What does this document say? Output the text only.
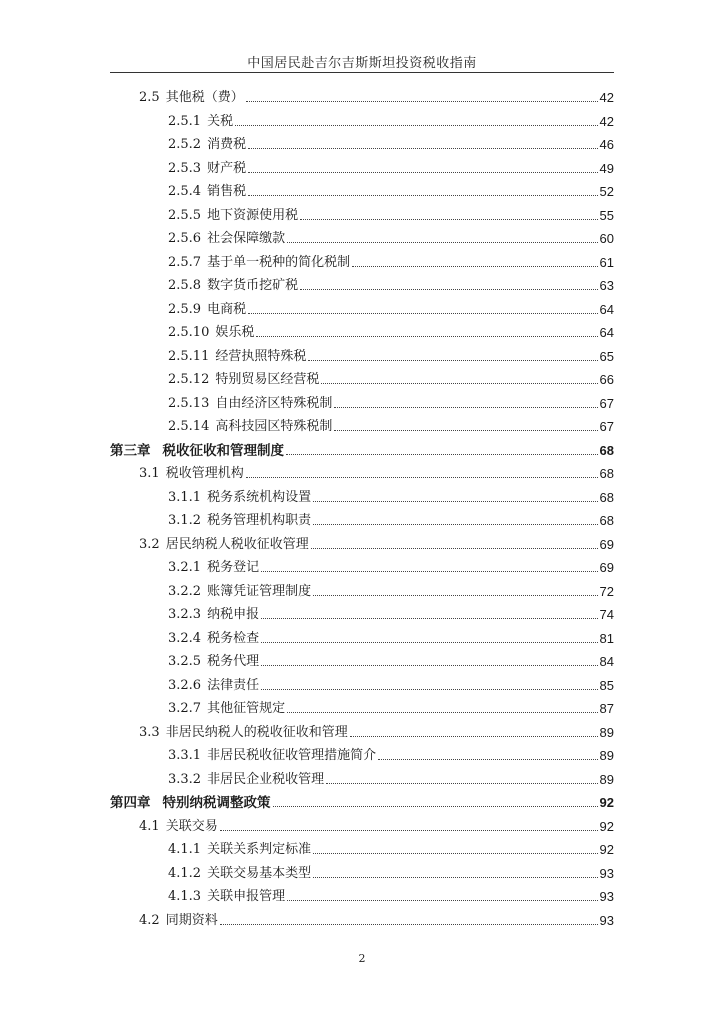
中国居民赴吉尔吉斯斯坦投资税收指南
2.5 其他税（费）	42
2.5.1 关税	42
2.5.2 消费税	46
2.5.3 财产税	49
2.5.4 销售税	52
2.5.5 地下资源使用税	55
2.5.6 社会保障缴款	60
2.5.7 基于单一税种的简化税制	61
2.5.8 数字货币挖矿税	63
2.5.9 电商税	64
2.5.10 娱乐税	64
2.5.11 经营执照特殊税	65
2.5.12 特别贸易区经营税	66
2.5.13 自由经济区特殊税制	67
2.5.14 高科技园区特殊税制	67
第三章 税收征收和管理制度	68
3.1 税收管理机构	68
3.1.1 税务系统机构设置	68
3.1.2 税务管理机构职责	68
3.2 居民纳税人税收征收管理	69
3.2.1 税务登记	69
3.2.2 账簿凭证管理制度	72
3.2.3 纳税申报	74
3.2.4 税务检查	81
3.2.5 税务代理	84
3.2.6 法律责任	85
3.2.7 其他征管规定	87
3.3 非居民纳税人的税收征收和管理	89
3.3.1 非居民税收征收管理措施简介	89
3.3.2 非居民企业税收管理	89
第四章 特别纳税调整政策	92
4.1 关联交易	92
4.1.1 关联关系判定标准	92
4.1.2 关联交易基本类型	93
4.1.3 关联申报管理	93
4.2 同期资料	93
2
